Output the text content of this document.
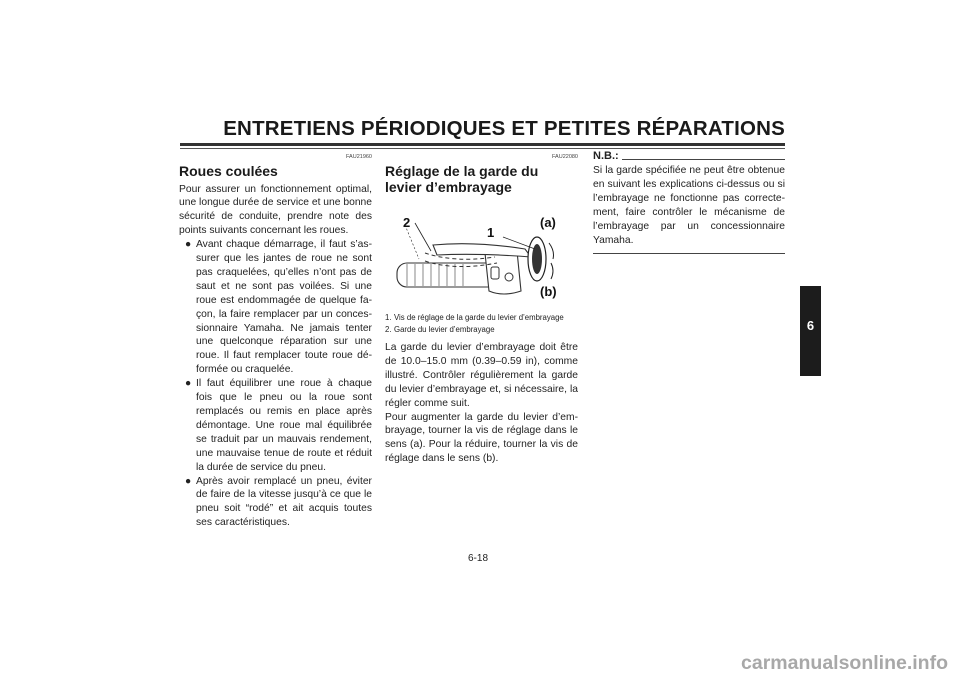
ENTRETIENS PÉRIODIQUES ET PETITES RÉPARATIONS
FAU21960
Roues coulées

Pour assurer un fonctionnement optimal, une longue durée de service et une bonne sécurité de conduite, prendre note des points suivants concernant les roues.

● Avant chaque démarrage, il faut s’assurer que les jantes de roue ne sont pas craquelées, qu’elles n’ont pas de saut et ne sont pas voilées. Si une roue est endommagée de quelque façon, la faire remplacer par un concessionnaire Yamaha. Ne jamais tenter une quelconque réparation sur une roue. Il faut remplacer toute roue déformée ou craquelée.
● Il faut équilibrer une roue à chaque fois que le pneu ou la roue sont remplacés ou remis en place après démontage. Une roue mal équilibrée se traduit par un mauvais rendement, une mauvaise tenue de route et réduit la durée de service du pneu.
● Après avoir remplacé un pneu, éviter de faire de la vitesse jusqu’à ce que le pneu soit “rodé” et ait acquis toutes ses caractéristiques.
FAU22080
Réglage de la garde du levier d’embrayage
2
1
(a)
(b)
1. Vis de réglage de la garde du levier d’embrayage
2. Garde du levier d’embrayage

La garde du levier d’embrayage doit être de 10.0–15.0 mm (0.39–0.59 in), comme illustré. Contrôler régulièrement la garde du levier d’embrayage et, si nécessaire, la régler comme suit.

Pour augmenter la garde du levier d’embrayage, tourner la vis de réglage dans le sens (a). Pour la réduire, tourner la vis de réglage dans le sens (b).

N.B.:

Si la garde spécifiée ne peut être obtenue en suivant les explications ci-dessus ou si l’embrayage ne fonctionne pas correctement, faire contrôler le mécanisme de l’embrayage par un concessionnaire Yamaha.

6
6-18
carmanualsonline.info
